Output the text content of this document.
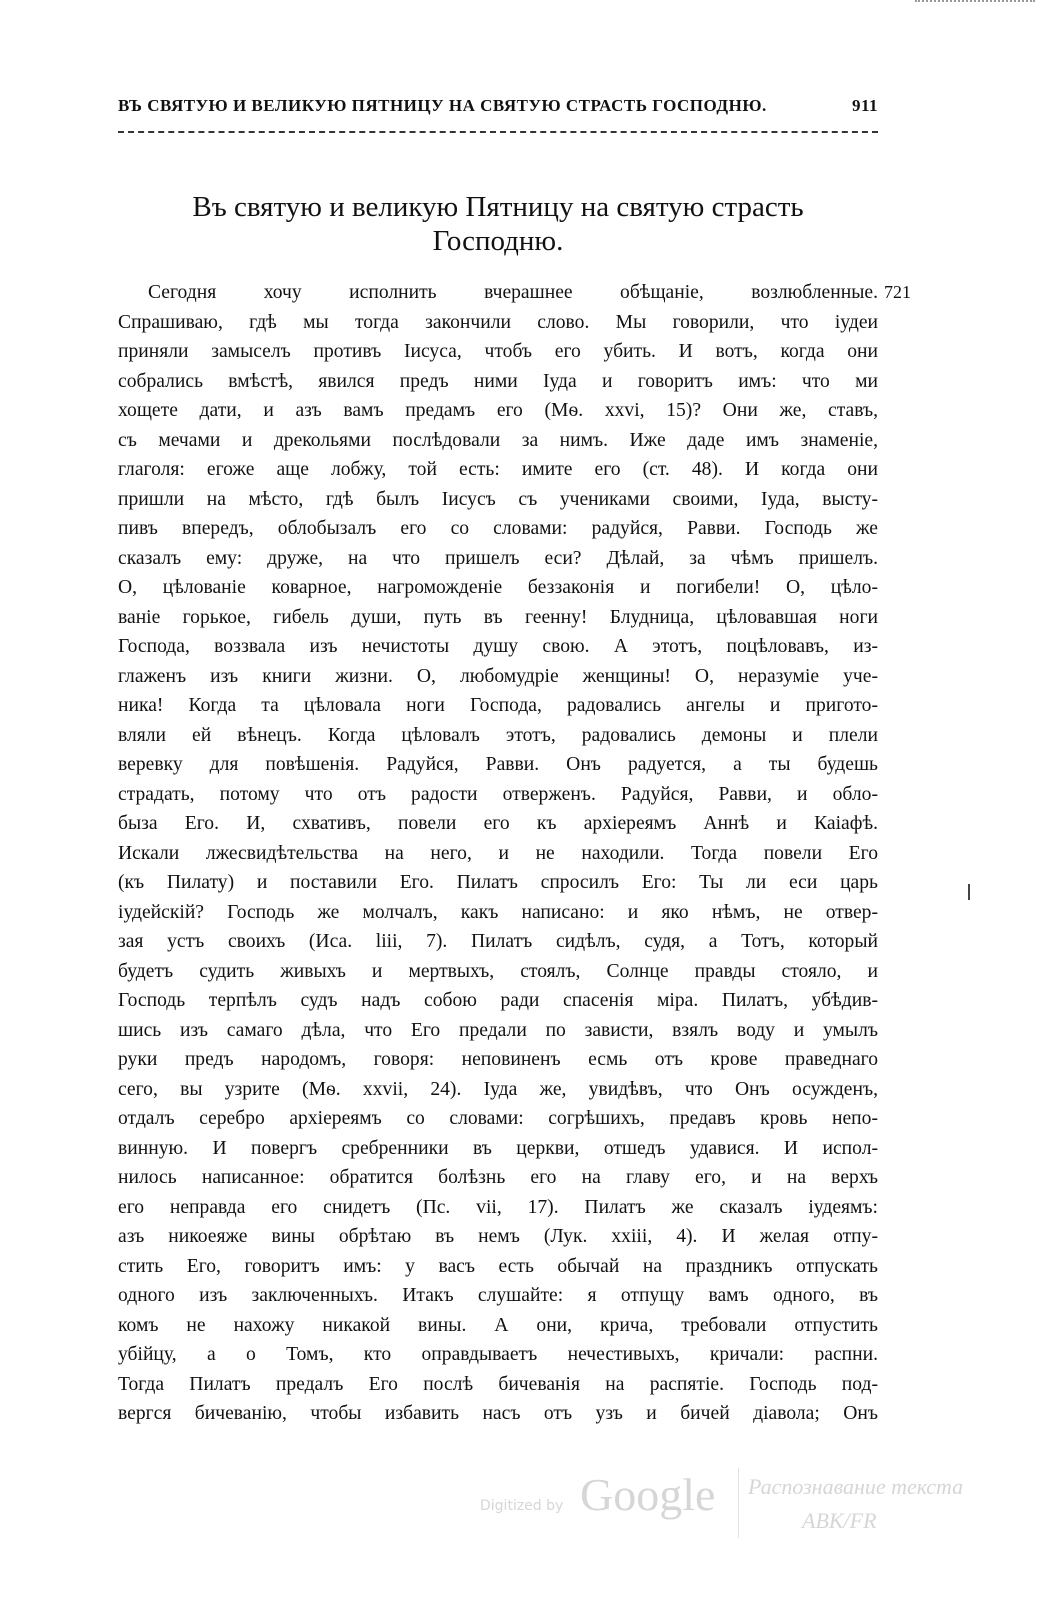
ВЪ СВЯТУЮ И ВЕЛИКУЮ ПЯТНИЦУ НА СВЯТУЮ СТРАСТЬ ГОСПОДНЮ.	911
Въ святую и великую Пятницу на святую страсть
Господню.
721
Сегодня хочу исполнить вчерашнее обѣщаніе, возлюбленные.
Спрашиваю, гдѣ мы тогда закончили слово. Мы говорили, что іудеи
приняли замыселъ противъ Іисуса, чтобъ его убить. И вотъ, когда они
собрались вмѣстѣ, явился предъ ними Іуда и говоритъ имъ: что ми
хощете дати, и азъ вамъ предамъ его (Мѳ. xxvi, 15)? Они же, ставъ,
съ мечами и дрекольями послѣдовали за нимъ. Иже даде имъ знаменіе,
глаголя: егоже аще лобжу, той есть: имите его (ст. 48). И когда они
пришли на мѣсто, гдѣ былъ Іисусъ съ учениками своими, Іуда, высту-
пивъ впередъ, облобызалъ его со словами: радуйся, Равви. Господь же
сказалъ ему: друже, на что пришелъ еси? Дѣлай, за чѣмъ пришелъ.
О, цѣлованіе коварное, нагроможденіе беззаконія и погибели! О, цѣло-
ваніе горькое, гибель души, путь въ геенну! Блудница, цѣловавшая ноги
Господа, воззвала изъ нечистоты душу свою. А этотъ, поцѣловавъ, из-
глаженъ изъ книги жизни. О, любомудріе женщины! О, неразуміе уче-
ника! Когда та цѣловала ноги Господа, радовались ангелы и пригото-
вляли ей вѣнецъ. Когда цѣловалъ этотъ, радовались демоны и плели
веревку для повѣшенія. Радуйся, Равви. Онъ радуется, а ты будешь
страдать, потому что отъ радости отверженъ. Радуйся, Равви, и обло-
быза Его. И, схвативъ, повели его къ архіереямъ Аннѣ и Каіафѣ.
Искали лжесвидѣтельства на него, и не находили. Тогда повели Его
(къ Пилату) и поставили Его. Пилатъ спросилъ Его: Ты ли еси царь
іудейскій? Господь же молчалъ, какъ написано: и яко нѣмъ, не отвер-
зая устъ своихъ (Иса. liii, 7). Пилатъ сидѣлъ, судя, а Тотъ, который
будетъ судить живыхъ и мертвыхъ, стоялъ, Солнце правды стояло, и
Господь терпѣлъ судъ надъ собою ради спасенія міра. Пилатъ, убѣдив-
шись изъ самаго дѣла, что Его предали по зависти, взялъ воду и умылъ
руки предъ народомъ, говоря: неповиненъ есмь отъ крове праведнаго
сего, вы узрите (Мѳ. xxvii, 24). Іуда же, увидѣвъ, что Онъ осужденъ,
отдалъ серебро архіереямъ со словами: согрѣшихъ, предавъ кровь непо-
винную. И повергъ сребренники въ церкви, отшедъ удавися. И испол-
нилось написанное: обратится болѣзнь его на главу его, и на верхъ
его неправда его снидетъ (Пс. vii, 17). Пилатъ же сказалъ іудеямъ:
азъ никоеяже вины обрѣтаю въ немъ (Лук. xxiii, 4). И желая отпу-
стить Его, говоритъ имъ: у васъ есть обычай на праздникъ отпускать
одного изъ заключенныхъ. Итакъ слушайте: я отпущу вамъ одного, въ
комъ не нахожу никакой вины. А они, крича, требовали отпустить
убійцу, а о Томъ, кто оправдываетъ нечестивыхъ, кричали: распни.
Тогда Пилатъ предалъ Его послѣ бичеванія на распятіе. Господь под-
вергся бичеванію, чтобы избавить насъ отъ узъ и бичей діавола; Онъ
Digitized by Google Распознавание текста
ABK/FR
